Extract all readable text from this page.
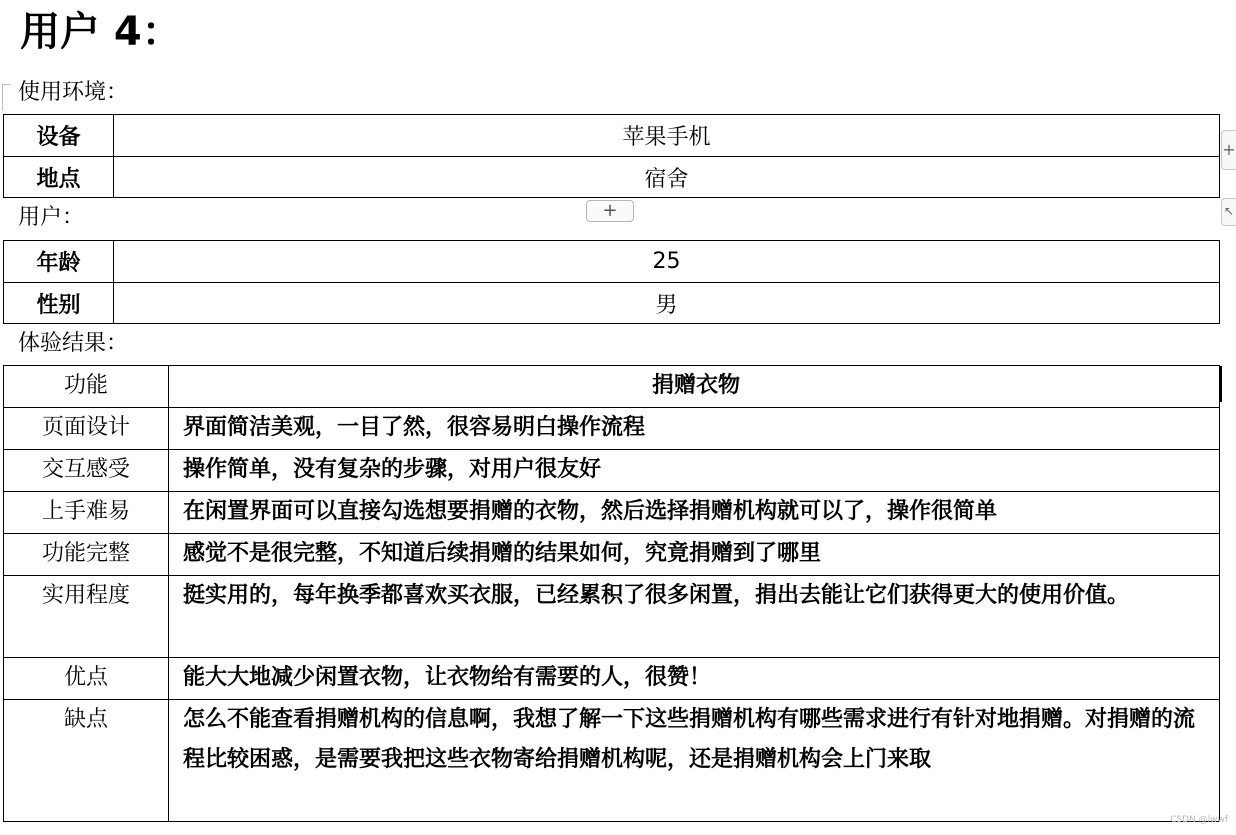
用户 4：
使用环境：
设备	苹果手机
地点	宿舍
+
+
↖
用户：
年龄	25
性别	男
体验结果：
功能	捐赠衣物
页面设计	界面简洁美观，一目了然，很容易明白操作流程
交互感受	操作简单，没有复杂的步骤，对用户很友好
上手难易	在闲置界面可以直接勾选想要捐赠的衣物，然后选择捐赠机构就可以了，操作很简单
功能完整	感觉不是很完整，不知道后续捐赠的结果如何，究竟捐赠到了哪里
实用程度	挺实用的，每年换季都喜欢买衣服，已经累积了很多闲置，捐出去能让它们获得更大的使用价值。
优点	能大大地减少闲置衣物，让衣物给有需要的人，很赞！
缺点	怎么不能查看捐赠机构的信息啊，我想了解一下这些捐赠机构有哪些需求进行有针对地捐赠。对捐赠的流程比较困惑，是需要我把这些衣物寄给捐赠机构呢，还是捐赠机构会上门来取
CSDN @lwwf
